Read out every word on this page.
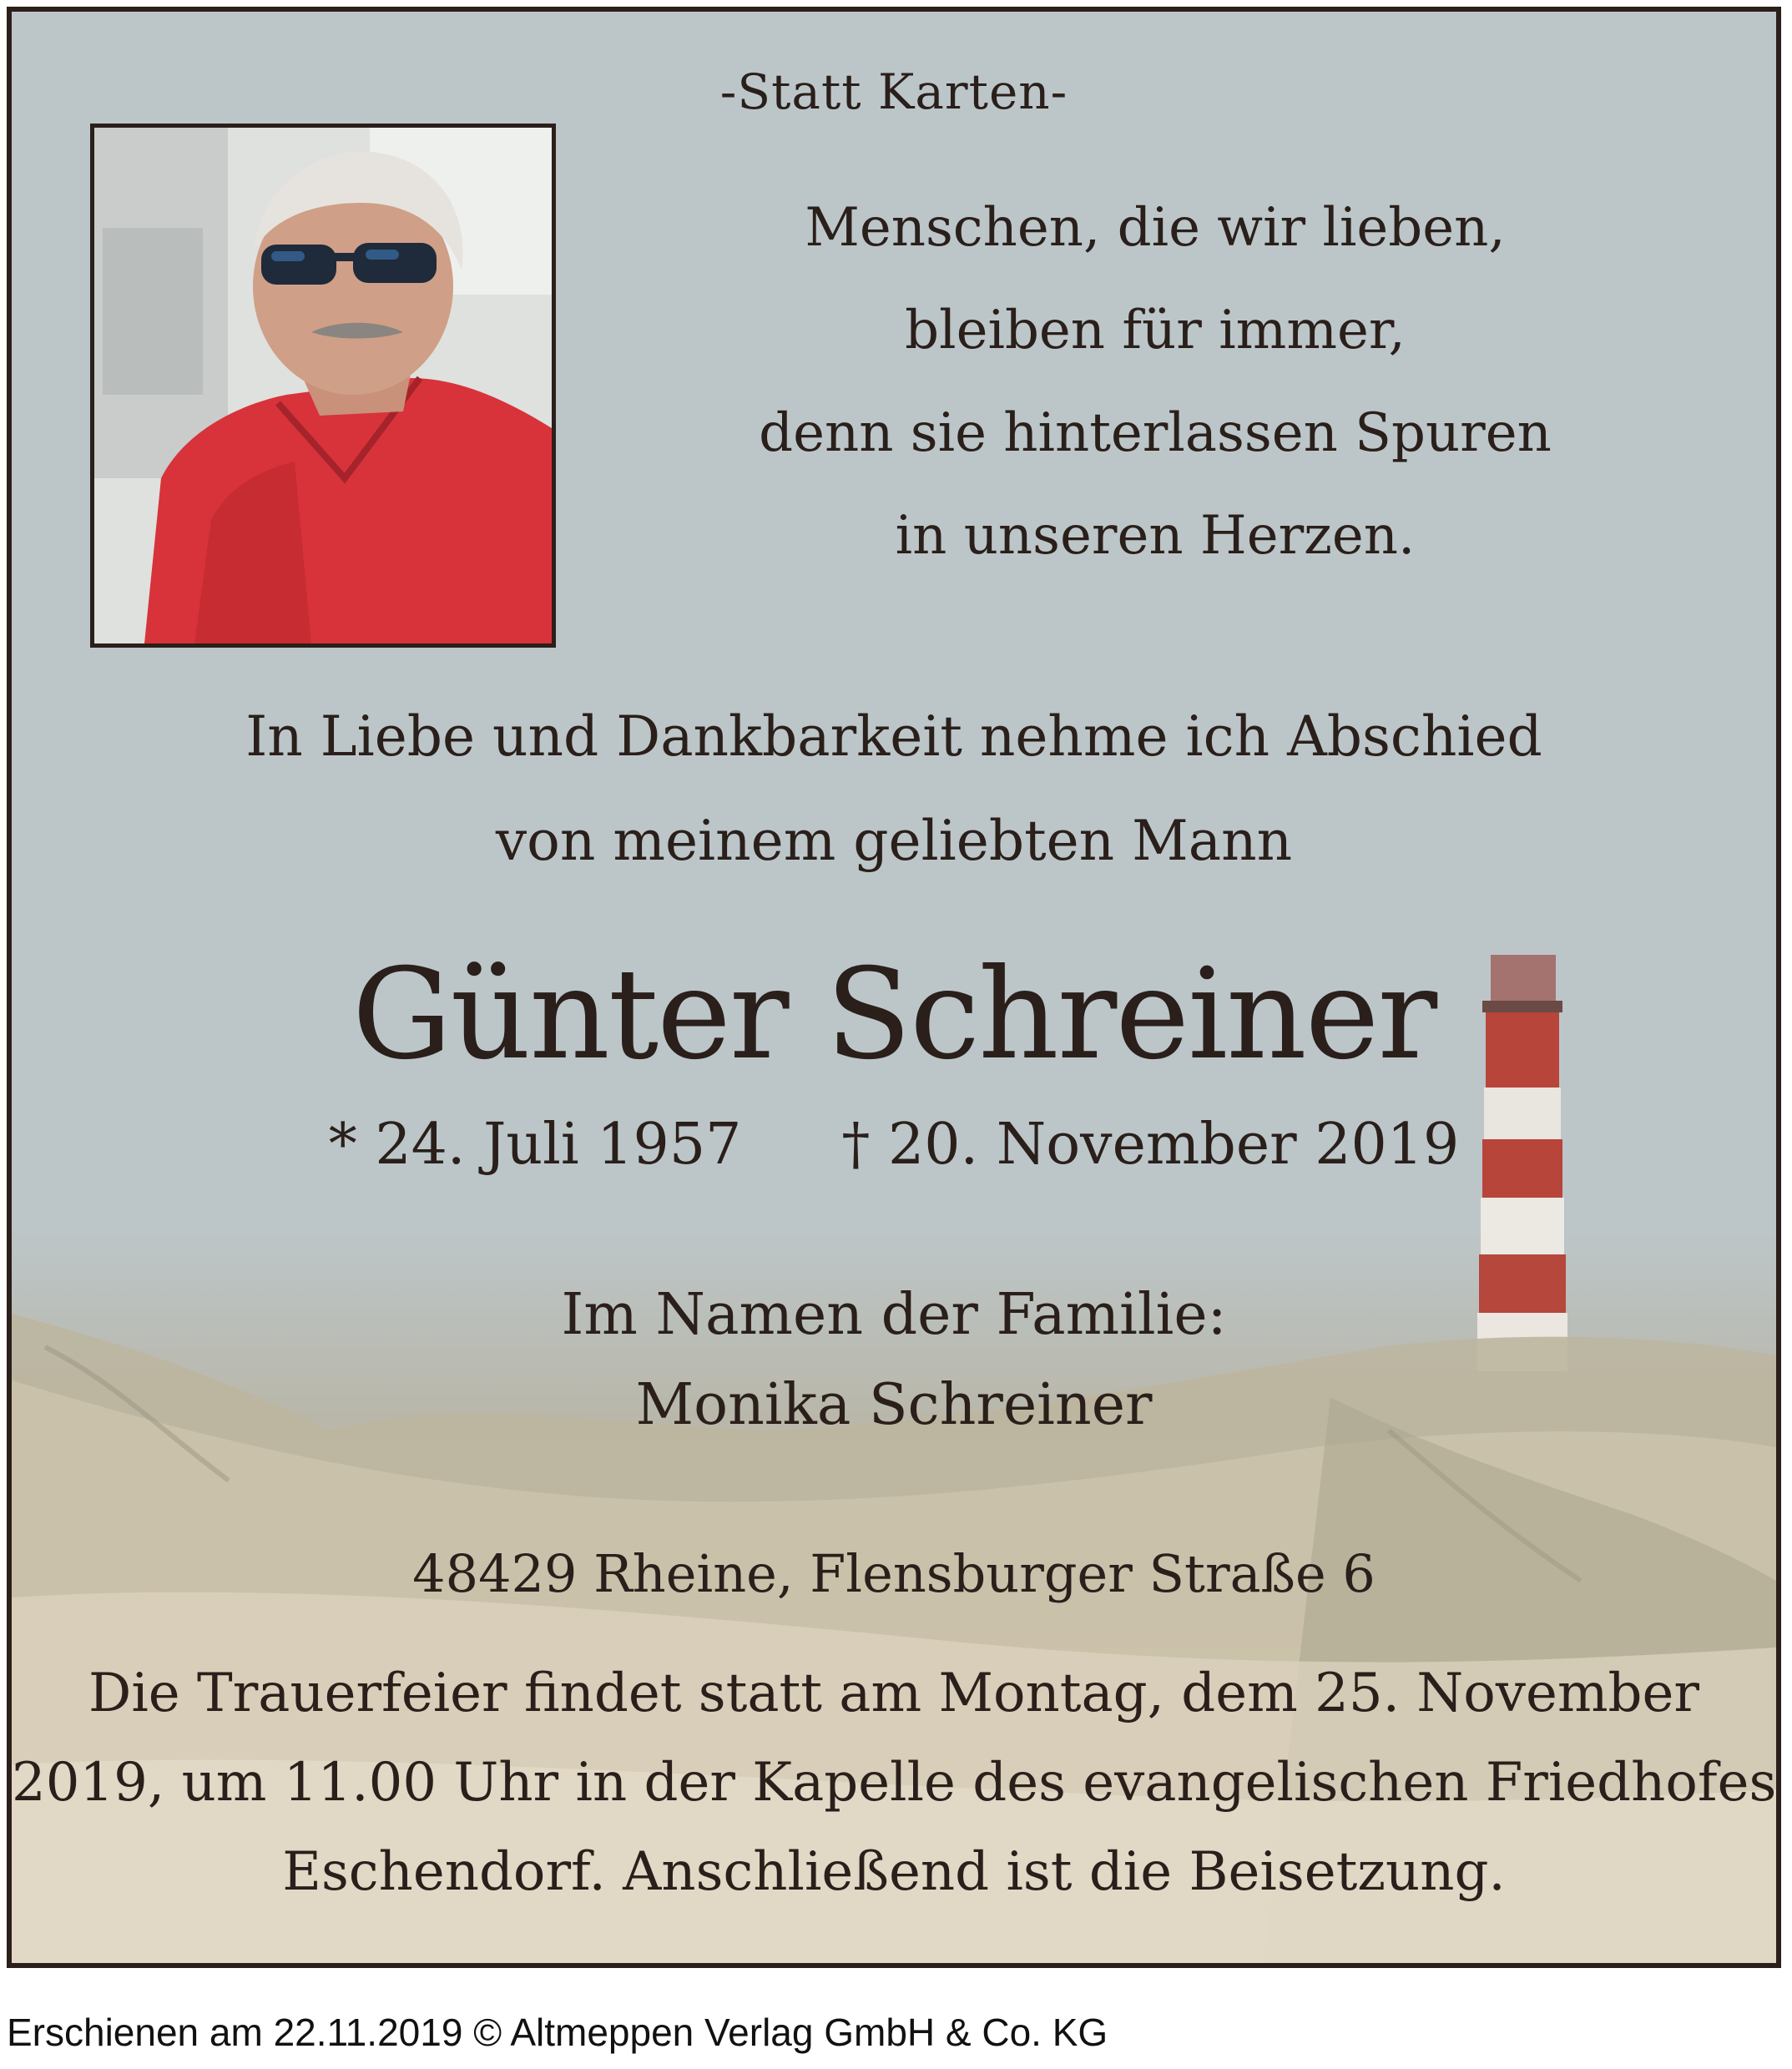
-Statt Karten-
Menschen, die wir lieben,
bleiben für immer,
denn sie hinterlassen Spuren
in unseren Herzen.
In Liebe und Dankbarkeit nehme ich Abschied
von meinem geliebten Mann
Günter Schreiner
* 24. Juli 1957 † 20. November 2019
Im Namen der Familie:
Monika Schreiner
48429 Rheine, Flensburger Straße 6
Die Trauerfeier findet statt am Montag, dem 25. November
2019, um 11.00 Uhr in der Kapelle des evangelischen Friedhofes
Eschendorf. Anschließend ist die Beisetzung.
Erschienen am 22.11.2019 © Altmeppen Verlag GmbH & Co. KG
